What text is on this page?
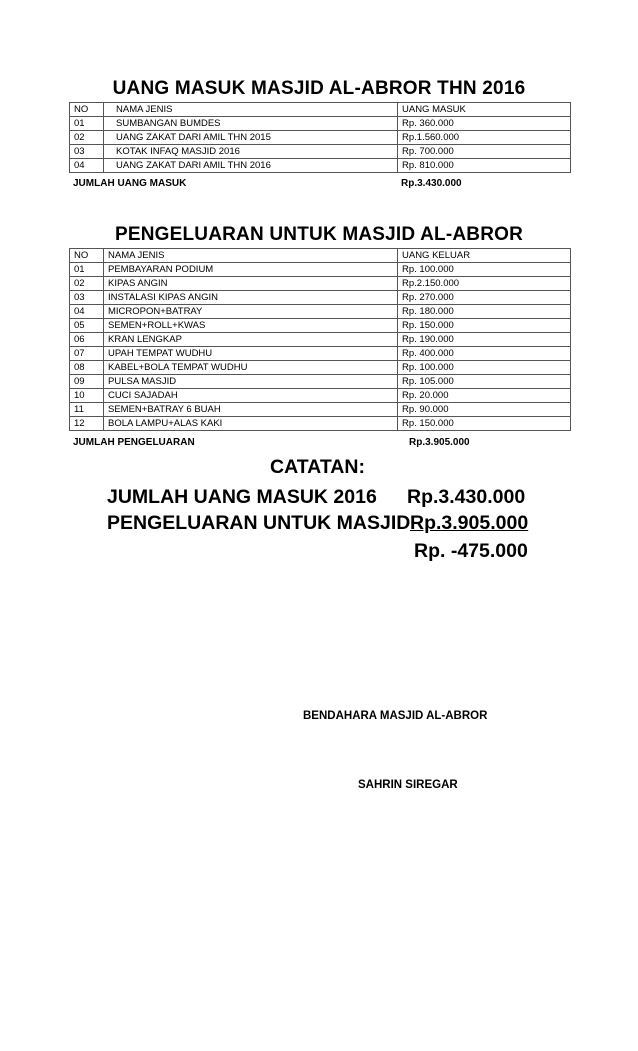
UANG MASUK MASJID AL-ABROR THN 2016
NO	NAMA JENIS	UANG MASUK
01	SUMBANGAN BUMDES	Rp. 360.000
02	UANG ZAKAT DARI AMIL THN 2015	Rp.1.560.000
03	KOTAK INFAQ MASJID 2016	Rp. 700.000
04	UANG ZAKAT DARI AMIL THN 2016	Rp. 810.000
JUMLAH UANG MASUK	Rp.3.430.000
PENGELUARAN UNTUK MASJID AL-ABROR
NO	NAMA JENIS	UANG KELUAR
01	PEMBAYARAN PODIUM	Rp. 100.000
02	KIPAS ANGIN	Rp.2.150.000
03	INSTALASI KIPAS ANGIN	Rp. 270.000
04	MICROPON+BATRAY	Rp. 180.000
05	SEMEN+ROLL+KWAS	Rp. 150.000
06	KRAN LENGKAP	Rp. 190.000
07	UPAH TEMPAT WUDHU	Rp. 400.000
08	KABEL+BOLA TEMPAT WUDHU	Rp. 100.000
09	PULSA MASJID	Rp. 105.000
10	CUCI SAJADAH	Rp. 20.000
11	SEMEN+BATRAY 6 BUAH	Rp. 90.000
12	BOLA LAMPU+ALAS KAKI	Rp. 150.000
JUMLAH PENGELUARAN	Rp.3.905.000
CATATAN:
JUMLAH UANG MASUK 2016 Rp.3.430.000
PENGELUARAN UNTUK MASJID Rp.3.905.000
Rp. -475.000
BENDAHARA MASJID AL-ABROR
SAHRIN SIREGAR
